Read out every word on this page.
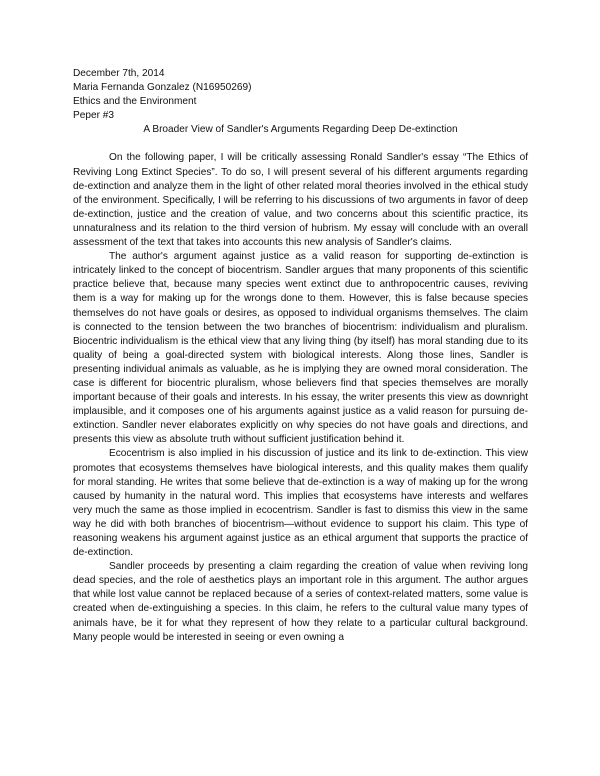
December 7th, 2014
Maria Fernanda Gonzalez (N16950269)
Ethics and the Environment
Peper #3
A Broader View of Sandler's Arguments Regarding Deep De-extinction

On the following paper, I will be critically assessing Ronald Sandler's essay “The Ethics of Reviving Long Extinct Species”. To do so, I will present several of his different arguments regarding de-extinction and analyze them in the light of other related moral theories involved in the ethical study of the environment. Specifically, I will be referring to his discussions of two arguments in favor of deep de-extinction, justice and the creation of value, and two concerns about this scientific practice, its unnaturalness and its relation to the third version of hubrism. My essay will conclude with an overall assessment of the text that takes into accounts this new analysis of Sandler's claims.

The author's argument against justice as a valid reason for supporting de-extinction is intricately linked to the concept of biocentrism. Sandler argues that many proponents of this scientific practice believe that, because many species went extinct due to anthropocentric causes, reviving them is a way for making up for the wrongs done to them. However, this is false because species themselves do not have goals or desires, as opposed to individual organisms themselves. The claim is connected to the tension between the two branches of biocentrism: individualism and pluralism. Biocentric individualism is the ethical view that any living thing (by itself) has moral standing due to its quality of being a goal-directed system with biological interests. Along those lines, Sandler is presenting individual animals as valuable, as he is implying they are owned moral consideration. The case is different for biocentric pluralism, whose believers find that species themselves are morally important because of their goals and interests. In his essay, the writer presents this view as downright implausible, and it composes one of his arguments against justice as a valid reason for pursuing de-extinction. Sandler never elaborates explicitly on why species do not have goals and directions, and presents this view as absolute truth without sufficient justification behind it.

Ecocentrism is also implied in his discussion of justice and its link to de-extinction. This view promotes that ecosystems themselves have biological interests, and this quality makes them qualify for moral standing. He writes that some believe that de-extinction is a way of making up for the wrong caused by humanity in the natural word. This implies that ecosystems have interests and welfares very much the same as those implied in ecocentrism. Sandler is fast to dismiss this view in the same way he did with both branches of biocentrism—without evidence to support his claim. This type of reasoning weakens his argument against justice as an ethical argument that supports the practice of de-extinction.

Sandler proceeds by presenting a claim regarding the creation of value when reviving long dead species, and the role of aesthetics plays an important role in this argument. The author argues that while lost value cannot be replaced because of a series of context-related matters, some value is created when de-extinguishing a species. In this claim, he refers to the cultural value many types of animals have, be it for what they represent of how they relate to a particular cultural background. Many people would be interested in seeing or even owning a
